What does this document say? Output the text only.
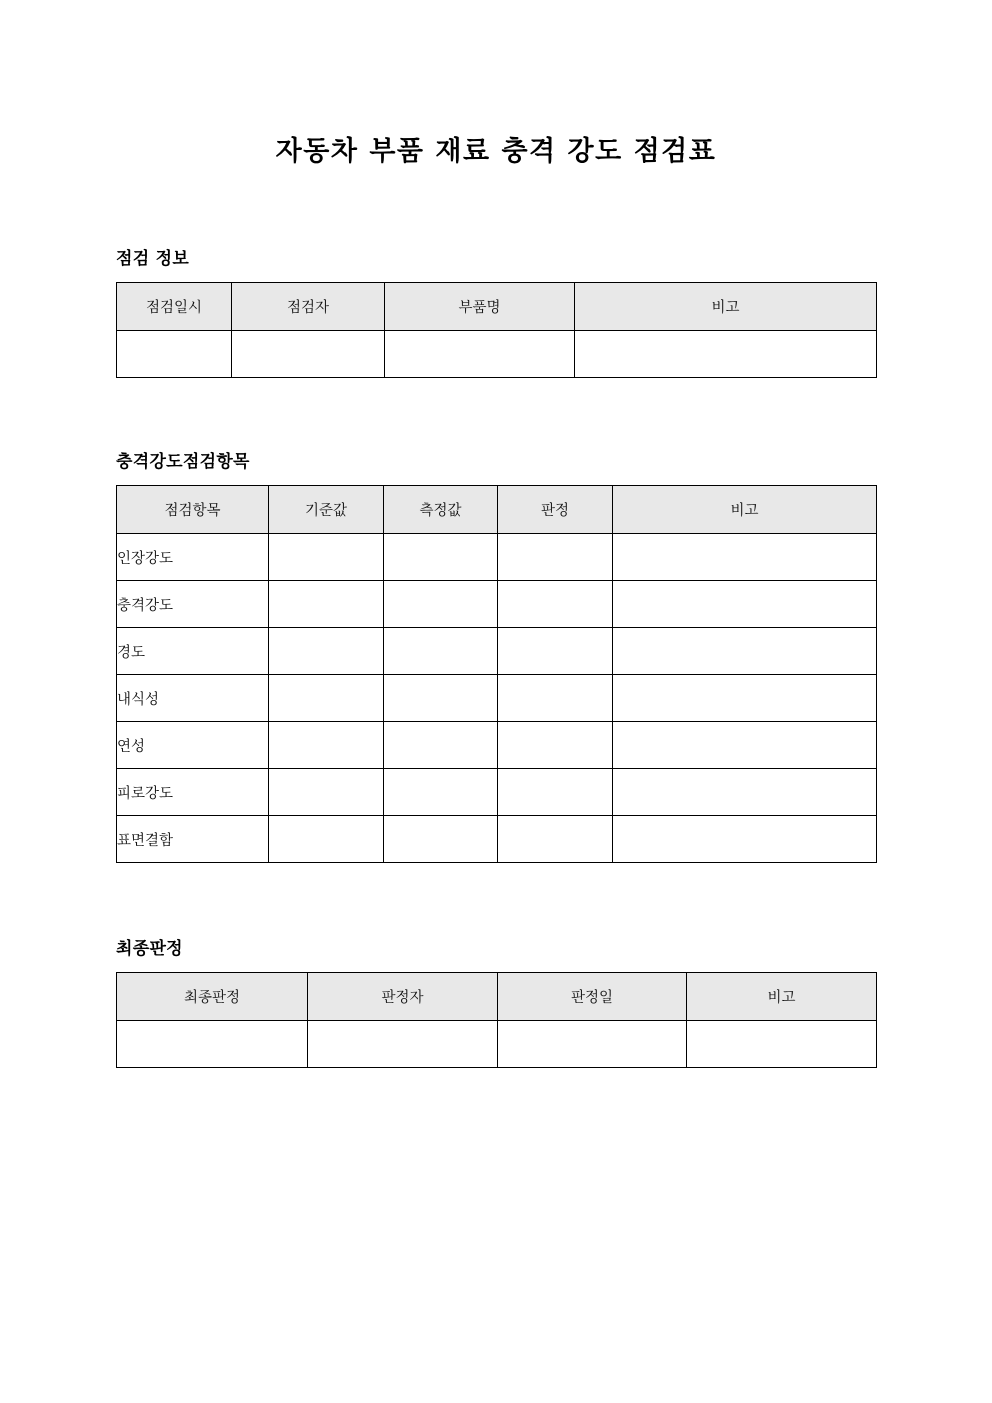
자동차 부품 재료 충격 강도 점검표
점검 정보
점검일시	점검자	부품명	비고

충격강도점검항목
점검항목	기준값	측정값	판정	비고
인장강도				
충격강도				
경도				
내식성				
연성				
피로강도				
표면결함				
최종판정
최종판정	판정자	판정일	비고
